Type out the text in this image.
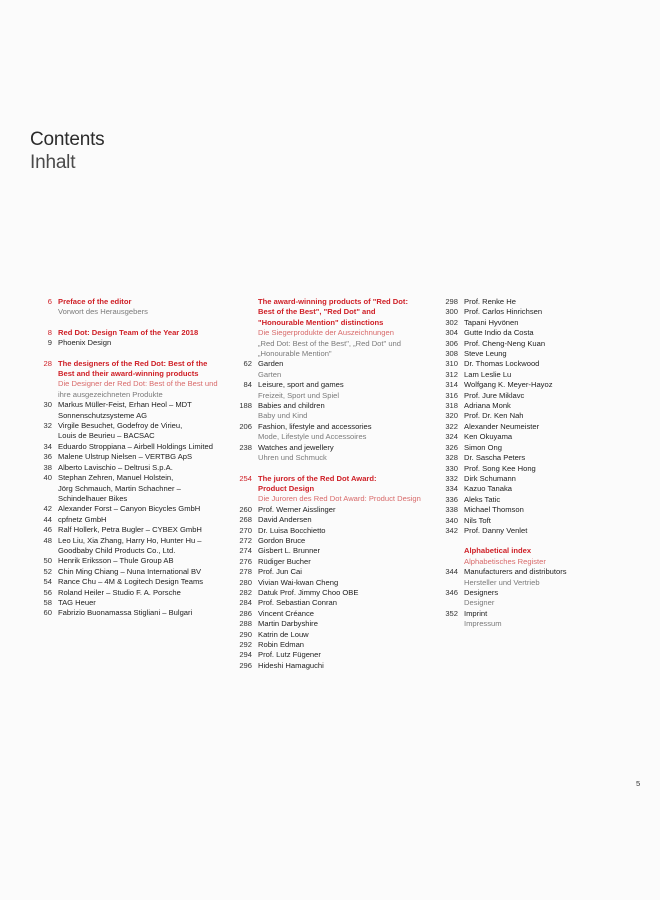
Contents
Inhalt
6 Preface of the editor
Vorwort des Herausgebers
8 Red Dot: Design Team of the Year 2018
9 Phoenix Design
28 The designers of the Red Dot: Best of the
Best and their award-winning products
Die Designer der Red Dot: Best of the Best und
ihre ausgezeichneten Produkte
30 Markus Müller-Feist, Erhan Heol – MDT
Sonnenschutzsysteme AG
32 Virgile Besuchet, Godefroy de Virieu,
Louis de Beurieu – BACSAC
34 Eduardo Stroppiana – Airbell Holdings Limited
36 Malene Ulstrup Nielsen – VERTBG ApS
38 Alberto Lavischio – Deltrusi S.p.A.
40 Stephan Zehren, Manuel Holstein,
Jörg Schmauch, Martin Schachner –
Schindelhauer Bikes
42 Alexander Forst – Canyon Bicycles GmbH
44 cpfnetz GmbH
46 Ralf Hollerk, Petra Bugler – CYBEX GmbH
48 Leo Liu, Xia Zhang, Harry Ho, Hunter Hu –
Goodbaby Child Products Co., Ltd.
50 Henrik Eriksson – Thule Group AB
52 Chin Ming Chiang – Nuna International BV
54 Rance Chu – 4M & Logitech Design Teams
56 Roland Heiler – Studio F. A. Porsche
58 TAG Heuer
60 Fabrizio Buonamassa Stigliani – Bulgari
The award-winning products of "Red Dot:
Best of the Best", "Red Dot" and
"Honourable Mention" distinctions
Die Siegerprodukte der Auszeichnungen
„Red Dot: Best of the Best", „Red Dot" und
„Honourable Mention"
62 Garden
Garten
84 Leisure, sport and games
Freizeit, Sport und Spiel
188 Babies and children
Baby und Kind
206 Fashion, lifestyle and accessories
Mode, Lifestyle und Accessoires
238 Watches and jewellery
Uhren und Schmuck
254 The jurors of the Red Dot Award:
Product Design
Die Juroren des Red Dot Award: Product Design
260 Prof. Werner Aisslinger
268 David Andersen
270 Dr. Luisa Bocchietto
272 Gordon Bruce
274 Gisbert L. Brunner
276 Rüdiger Bucher
278 Prof. Jun Cai
280 Vivian Wai-kwan Cheng
282 Datuk Prof. Jimmy Choo OBE
284 Prof. Sebastian Conran
286 Vincent Créance
288 Martin Darbyshire
290 Katrin de Louw
292 Robin Edman
294 Prof. Lutz Fügener
296 Hideshi Hamaguchi
298 Prof. Renke He
300 Prof. Carlos Hinrichsen
302 Tapani Hyvönen
304 Gutte Indio da Costa
306 Prof. Cheng-Neng Kuan
308 Steve Leung
310 Dr. Thomas Lockwood
312 Lam Leslie Lu
314 Wolfgang K. Meyer-Hayoz
316 Prof. Jure Miklavc
318 Adriana Monk
320 Prof. Dr. Ken Nah
322 Alexander Neumeister
324 Ken Okuyama
326 Simon Ong
328 Dr. Sascha Peters
330 Prof. Song Kee Hong
332 Dirk Schumann
334 Kazuo Tanaka
336 Aleks Tatic
338 Michael Thomson
340 Nils Toft
342 Prof. Danny Venlet
Alphabetical index
Alphabetisches Register
344 Manufacturers and distributors
Hersteller und Vertrieb
346 Designers
Designer
352 Imprint
Impressum
5
